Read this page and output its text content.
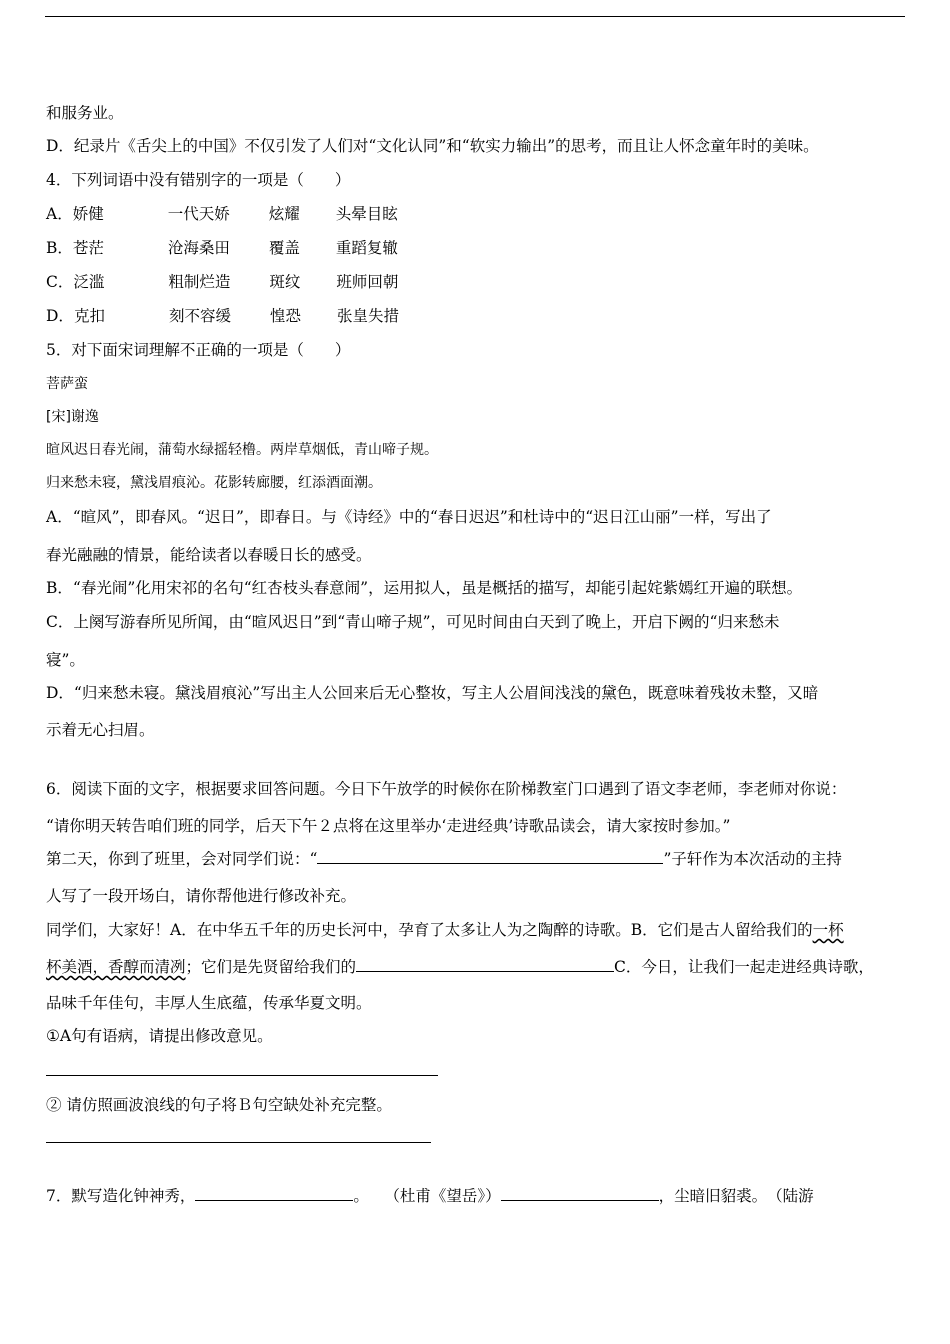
和服务业。
D．纪录片《舌尖上的中国》不仅引发了人们对“文化认同”和“软实力输出”的思考，而且让人怀念童年时的美味。
4．下列词语中没有错别字的一项是（　　）
A．娇健	一代天娇	炫耀 头晕目眩
B．苍茫	沧海桑田	覆盖 重蹈复辙
C．泛滥	粗制烂造	斑纹 班师回朝
D．克扣	刻不容缓	惶恐 张皇失措
5．对下面宋词理解不正确的一项是（　　）
菩萨蛮
[宋]谢逸
暄风迟日春光闹，蒲萄水绿摇轻橹。两岸草烟低，青山啼子规。
归来愁未寝，黛浅眉痕沁。花影转廊腰，红添酒面潮。
A．“暄风”，即春风。“迟日”，即春日。与《诗经》中的“春日迟迟”和杜诗中的“迟日江山丽”一样，写出了
春光融融的情景，能给读者以春暖日长的感受。
B．“春光闹”化用宋祁的名句“红杏枝头春意闹”，运用拟人，虽是概括的描写，却能引起姹紫嫣红开遍的联想。
C．上阕写游春所见所闻，由“暄风迟日”到“青山啼子规”，可见时间由白天到了晚上，开启下阙的“归来愁未
寝”。
D．“归来愁未寝。黛浅眉痕沁”写出主人公回来后无心整妆，写主人公眉间浅浅的黛色，既意味着残妆未整，又暗
示着无心扫眉。
6．阅读下面的文字，根据要求回答问题。今日下午放学的时候你在阶梯教室门口遇到了语文李老师，李老师对你说：
“请你明天转告咱们班的同学，后天下午２点将在这里举办‘走进经典’诗歌品读会，请大家按时参加。”
第二天，你到了班里，会对同学们说：“	”子轩作为本次活动的主持
人写了一段开场白，请你帮他进行修改补充。
同学们，大家好！A．在中华五千年的历史长河中，孕育了太多让人为之陶醉的诗歌。B．它们是古人留给我们的一杯
杯美酒，香醇而清冽；它们是先贤留给我们的	C．今日，让我们一起走进经典诗歌，
品味千年佳句，丰厚人生底蕴，传承华夏文明。
①A句有语病，请提出修改意见。
② 请仿照画波浪线的句子将Ｂ句空缺处补充完整。
7．默写造化钟神秀，	。　　（杜甫《望岳》）	，尘暗旧貂裘。　（陆游
